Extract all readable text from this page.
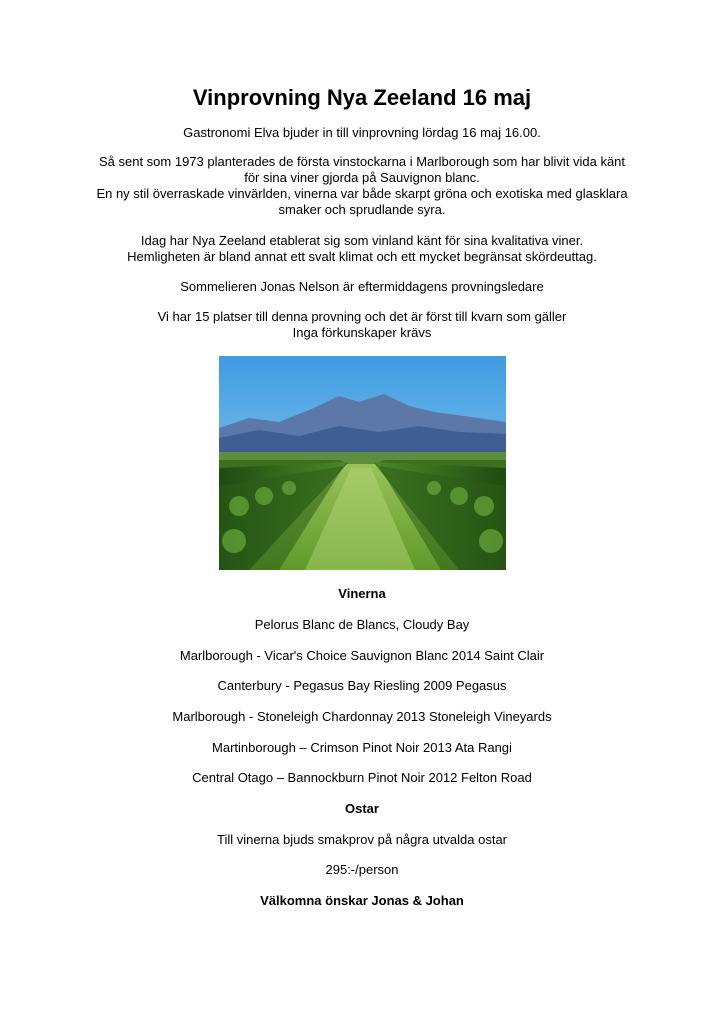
Vinprovning Nya Zeeland 16 maj
Gastronomi Elva bjuder in till vinprovning lördag 16 maj 16.00.
Så sent som 1973 planterades de första vinstockarna i Marlborough som har blivit vida känt
för sina viner gjorda på Sauvignon blanc.
En ny stil överraskade vinvärlden, vinerna var både skarpt gröna och exotiska med glasklara
smaker och sprudlande syra.
Idag har Nya Zeeland etablerat sig som vinland känt för sina kvalitativa viner.
Hemligheten är bland annat ett svalt klimat och ett mycket begränsat skördeuttag.
Sommelieren Jonas Nelson är eftermiddagens provningsledare
Vi har 15 platser till denna provning och det är först till kvarn som gäller
Inga förkunskaper krävs
Vinerna
Pelorus Blanc de Blancs, Cloudy Bay
Marlborough - Vicar's Choice Sauvignon Blanc 2014 Saint Clair
Canterbury - Pegasus Bay Riesling 2009 Pegasus
Marlborough - Stoneleigh Chardonnay 2013 Stoneleigh Vineyards
Martinborough – Crimson Pinot Noir 2013 Ata Rangi
Central Otago – Bannockburn Pinot Noir 2012 Felton Road
Ostar
Till vinerna bjuds smakprov på några utvalda ostar
295:-/person
Välkomna önskar Jonas & Johan
